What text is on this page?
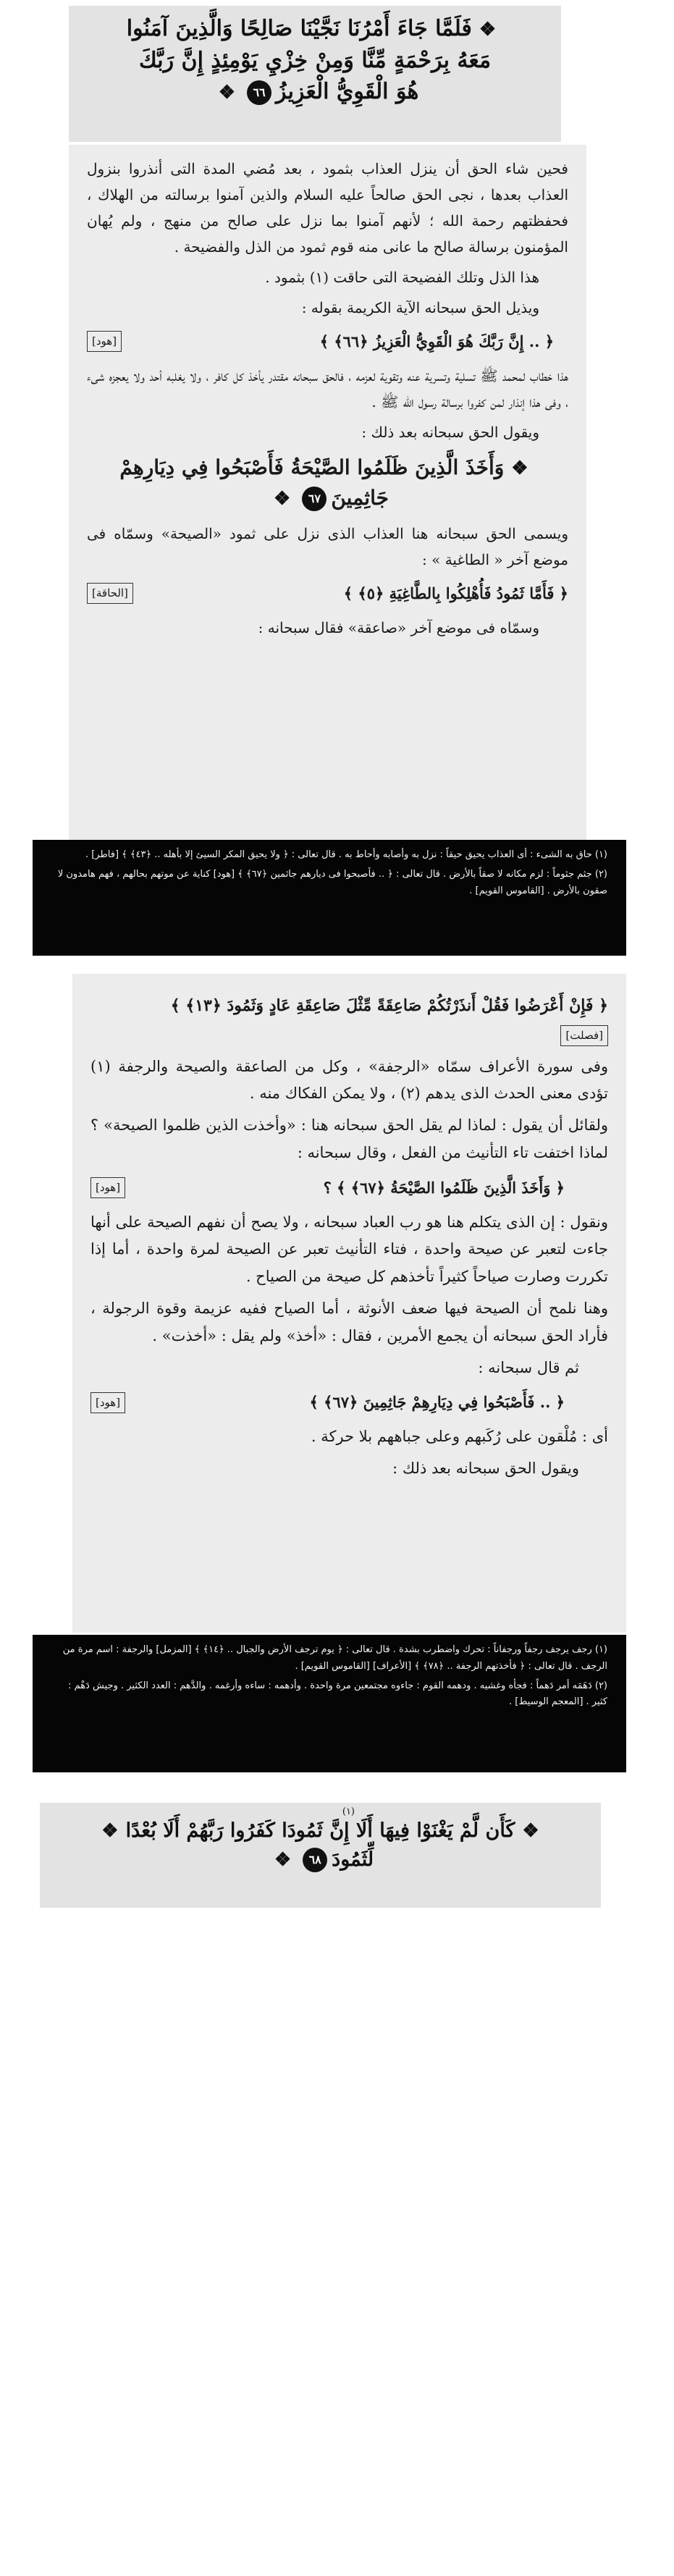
❖فَلَمَّا جَاءَ أَمْرُنَا نَجَّيْنَا صَالِحًا وَالَّذِينَ آمَنُوا
مَعَهُ بِرَحْمَةٍ مِّنَّا وَمِنْ خِزْيِ يَوْمِئِذٍ إِنَّ رَبَّكَ
هُوَ الْقَوِيُّ الْعَزِيزُ٦٦❖

فحين شاء الحق أن ينزل العذاب بثمود ، بعد مُضي المدة التى أنذروا بنزول العذاب بعدها ، نجى الحق صالحاً عليه السلام والذين آمنوا برسالته من الهلاك ، فحفظتهم رحمة الله ؛ لأنهم آمنوا بما نزل على صالح من منهج ، ولم يُهان المؤمنون برسالة صالح ما عانى منه قوم ثمود من الذل والفضيحة .

هذا الذل وتلك الفضيحة التى حاقت (١) بثمود .

ويذيل الحق سبحانه الآية الكريمة بقوله :

﴿ .. إِنَّ رَبَّكَ هُوَ الْقَوِيُّ الْعَزِيزُ ﴿٦٦﴾ ﴾
[هود]

هذا خطاب لمحمد ﷺ تسلية وتسرية عنه وتقوية لعزمه ، فالحق سبحانه مقتدر يأخذ كل كافر ، ولا يغلبه أحد ولا يعجزه شىء ، وفى هذا إنذار لمن كفروا برسالة رسول الله ﷺ .

ويقول الحق سبحانه بعد ذلك :

❖وَأَخَذَ الَّذِينَ ظَلَمُوا الصَّيْحَةُ فَأَصْبَحُوا فِي دِيَارِهِمْ
جَاثِمِينَ٦٧❖

ويسمى الحق سبحانه هنا العذاب الذى نزل على ثمود «الصيحة» وسمّاه فى موضع آخر « الطاغية » :

﴿ فَأَمَّا ثَمُودُ فَأُهْلِكُوا بِالطَّاغِيَةِ ﴿٥﴾ ﴾
[الحاقة]

وسمّاه فى موضع آخر «صاعقة» فقال سبحانه :

(١) حاق به الشىء : أى العذاب يحيق حيقاً : نزل به وأصابه وأحاط به . قال تعالى : ﴿ ولا يحيق المكر السيئ إلا بأهله .. ﴿٤٣﴾ ﴾ [فاطر] .

(٢) جثم جثوماً : لزم مكانه لا صقاً بالأرض . قال تعالى : ﴿ .. فأصبحوا فى ديارهم جاثمين ﴿٦٧﴾ ﴾ [هود] كناية عن موتهم بحالهم ، فهم هامدون لا صقون بالأرض . [القاموس القويم] .

﴿ فَإِنْ أَعْرَضُوا فَقُلْ أَنذَرْتُكُمْ صَاعِقَةً مِّثْلَ صَاعِقَةِ عَادٍ وَثَمُودَ ﴿١٣﴾ ﴾
[فصلت]

وفى سورة الأعراف سمّاه «الرجفة» ، وكل من الصاعقة والصيحة والرجفة (١) تؤدى معنى الحدث الذى يدهم (٢) ، ولا يمكن الفكاك منه .

ولقائل أن يقول : لماذا لم يقل الحق سبحانه هنا : «وأخذت الذين ظلموا الصيحة» ؟ لماذا اختفت تاء التأنيث من الفعل ، وقال سبحانه :

﴿ وَأَخَذَ الَّذِينَ ظَلَمُوا الصَّيْحَةُ ﴿٦٧﴾ ﴾ ؟
[هود]

ونقول : إن الذى يتكلم هنا هو رب العباد سبحانه ، ولا يصح أن نفهم الصيحة على أنها جاءت لتعبر عن صيحة واحدة ، فتاء التأنيث تعبر عن الصيحة لمرة واحدة ، أما إذا تكررت وصارت صياحاً كثيراً تأخذهم كل صيحة من الصياح .

وهنا نلمح أن الصيحة فيها ضعف الأنوثة ، أما الصياح ففيه عزيمة وقوة الرجولة ، فأراد الحق سبحانه أن يجمع الأمرين ، فقال : «أخذ» ولم يقل : «أخذت» .

ثم قال سبحانه :

﴿ .. فَأَصْبَحُوا فِي دِيَارِهِمْ جَاثِمِينَ ﴿٦٧﴾ ﴾
[هود]

أى : مُلْقون على رُكَبهم وعلى جباههم بلا حركة .

ويقول الحق سبحانه بعد ذلك :

(١) رجف يرجف رجفاً ورجفاناً : تحرك واضطرب بشدة . قال تعالى : ﴿ يوم ترجف الأرض والجبال .. ﴿١٤﴾ ﴾ [المزمل] والرجفة : اسم مرة من الرجف . قال تعالى : ﴿ فأخذتهم الرجفة .. ﴿٧٨﴾ ﴾ [الأعراف] [القاموس القويم] .

(٢) دَهَمَه أمر دَهماً : فجأه وغشيه . ودهمه القوم : جاءوه مجتمعين مرة واحدة . وأدهمه : ساءه وأرغمه . والدَّهم : العدد الكثير . وجيش دَهْم : كثير . [المعجم الوسيط] .

(١)
❖كَأَن لَّمْ يَغْنَوْا فِيهَا أَلَا إِنَّ ثَمُودَا كَفَرُوا رَبَّهُمْ أَلَا بُعْدًا❖
لِّثَمُودَ٦٨❖
